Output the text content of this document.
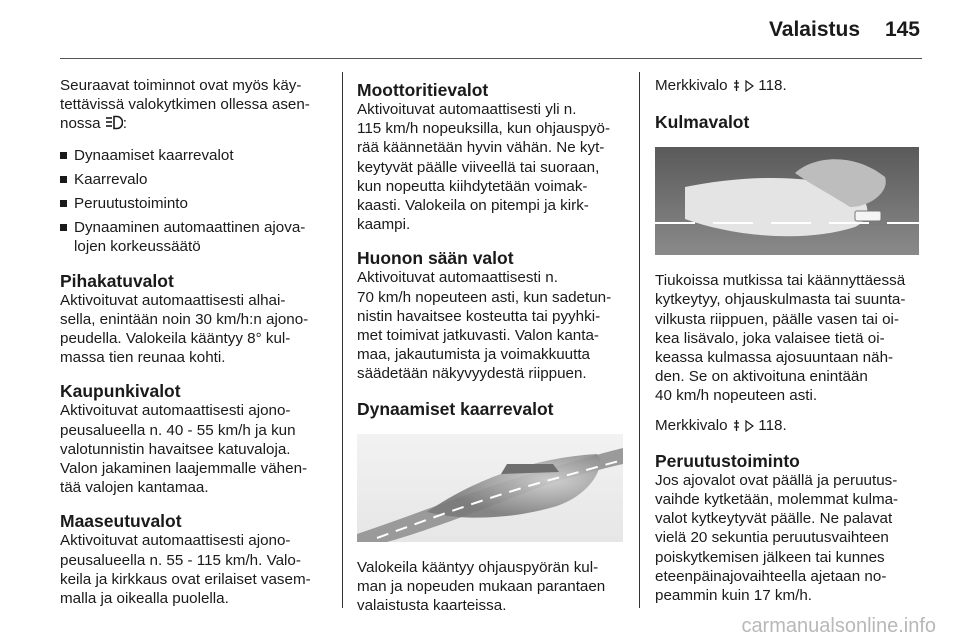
Valaistus 145

Seuraavat toiminnot ovat myös käy-
tettävissä valokytkimen ollessa asen-
nossa :

Dynaamiset kaarrevalot
Kaarrevalo
Peruutustoiminto
Dynaaminen automaattinen ajova-
lojen korkeussäätö
Pihakatuvalot

Aktivoituvat automaattisesti alhai-
sella, enintään noin 30 km/h:n ajono-
peudella. Valokeila kääntyy 8° kul-
massa tien reunaa kohti.

Kaupunkivalot

Aktivoituvat automaattisesti ajono-
peusalueella n. 40 - 55 km/h ja kun
valotunnistin havaitsee katuvaloja.
Valon jakaminen laajemmalle vähen-
tää valojen kantamaa.

Maaseutuvalot

Aktivoituvat automaattisesti ajono-
peusalueella n. 55 - 115 km/h. Valo-
keila ja kirkkaus ovat erilaiset vasem-
malla ja oikealla puolella.

Moottoritievalot

Aktivoituvat automaattisesti yli n.
115 km/h nopeuksilla, kun ohjauspyö-
rää käännetään hyvin vähän. Ne kyt-
keytyvät päälle viiveellä tai suoraan,
kun nopeutta kiihdytetään voimak-
kaasti. Valokeila on pitempi ja kirk-
kaampi.

Huonon sään valot

Aktivoituvat automaattisesti n.
70 km/h nopeuteen asti, kun sadetun-
nistin havaitsee kosteutta tai pyyhki-
met toimivat jatkuvasti. Valon kanta-
maa, jakautumista ja voimakkuutta
säädetään näkyvyydestä riippuen.

Dynaamiset kaarrevalot

Valokeila kääntyy ohjauspyörän kul-
man ja nopeuden mukaan parantaen
valaistusta kaarteissa.

Merkkivalo 118.

Kulmavalot

Tiukoissa mutkissa tai käännyttäessä
kytkeytyy, ohjauskulmasta tai suunta-
vilkusta riippuen, päälle vasen tai oi-
kea lisävalo, joka valaisee tietä oi-
keassa kulmassa ajosuuntaan näh-
den. Se on aktivoituna enintään
40 km/h nopeuteen asti.

Merkkivalo 118.

Peruutustoiminto

Jos ajovalot ovat päällä ja peruutus-
vaihde kytketään, molemmat kulma-
valot kytkeytyvät päälle. Ne palavat
vielä 20 sekuntia peruutusvaihteen
poiskytkemisen jälkeen tai kunnes
eteenpäinajovaihteella ajetaan no-
peammin kuin 17 km/h.

carmanualsonline.info
